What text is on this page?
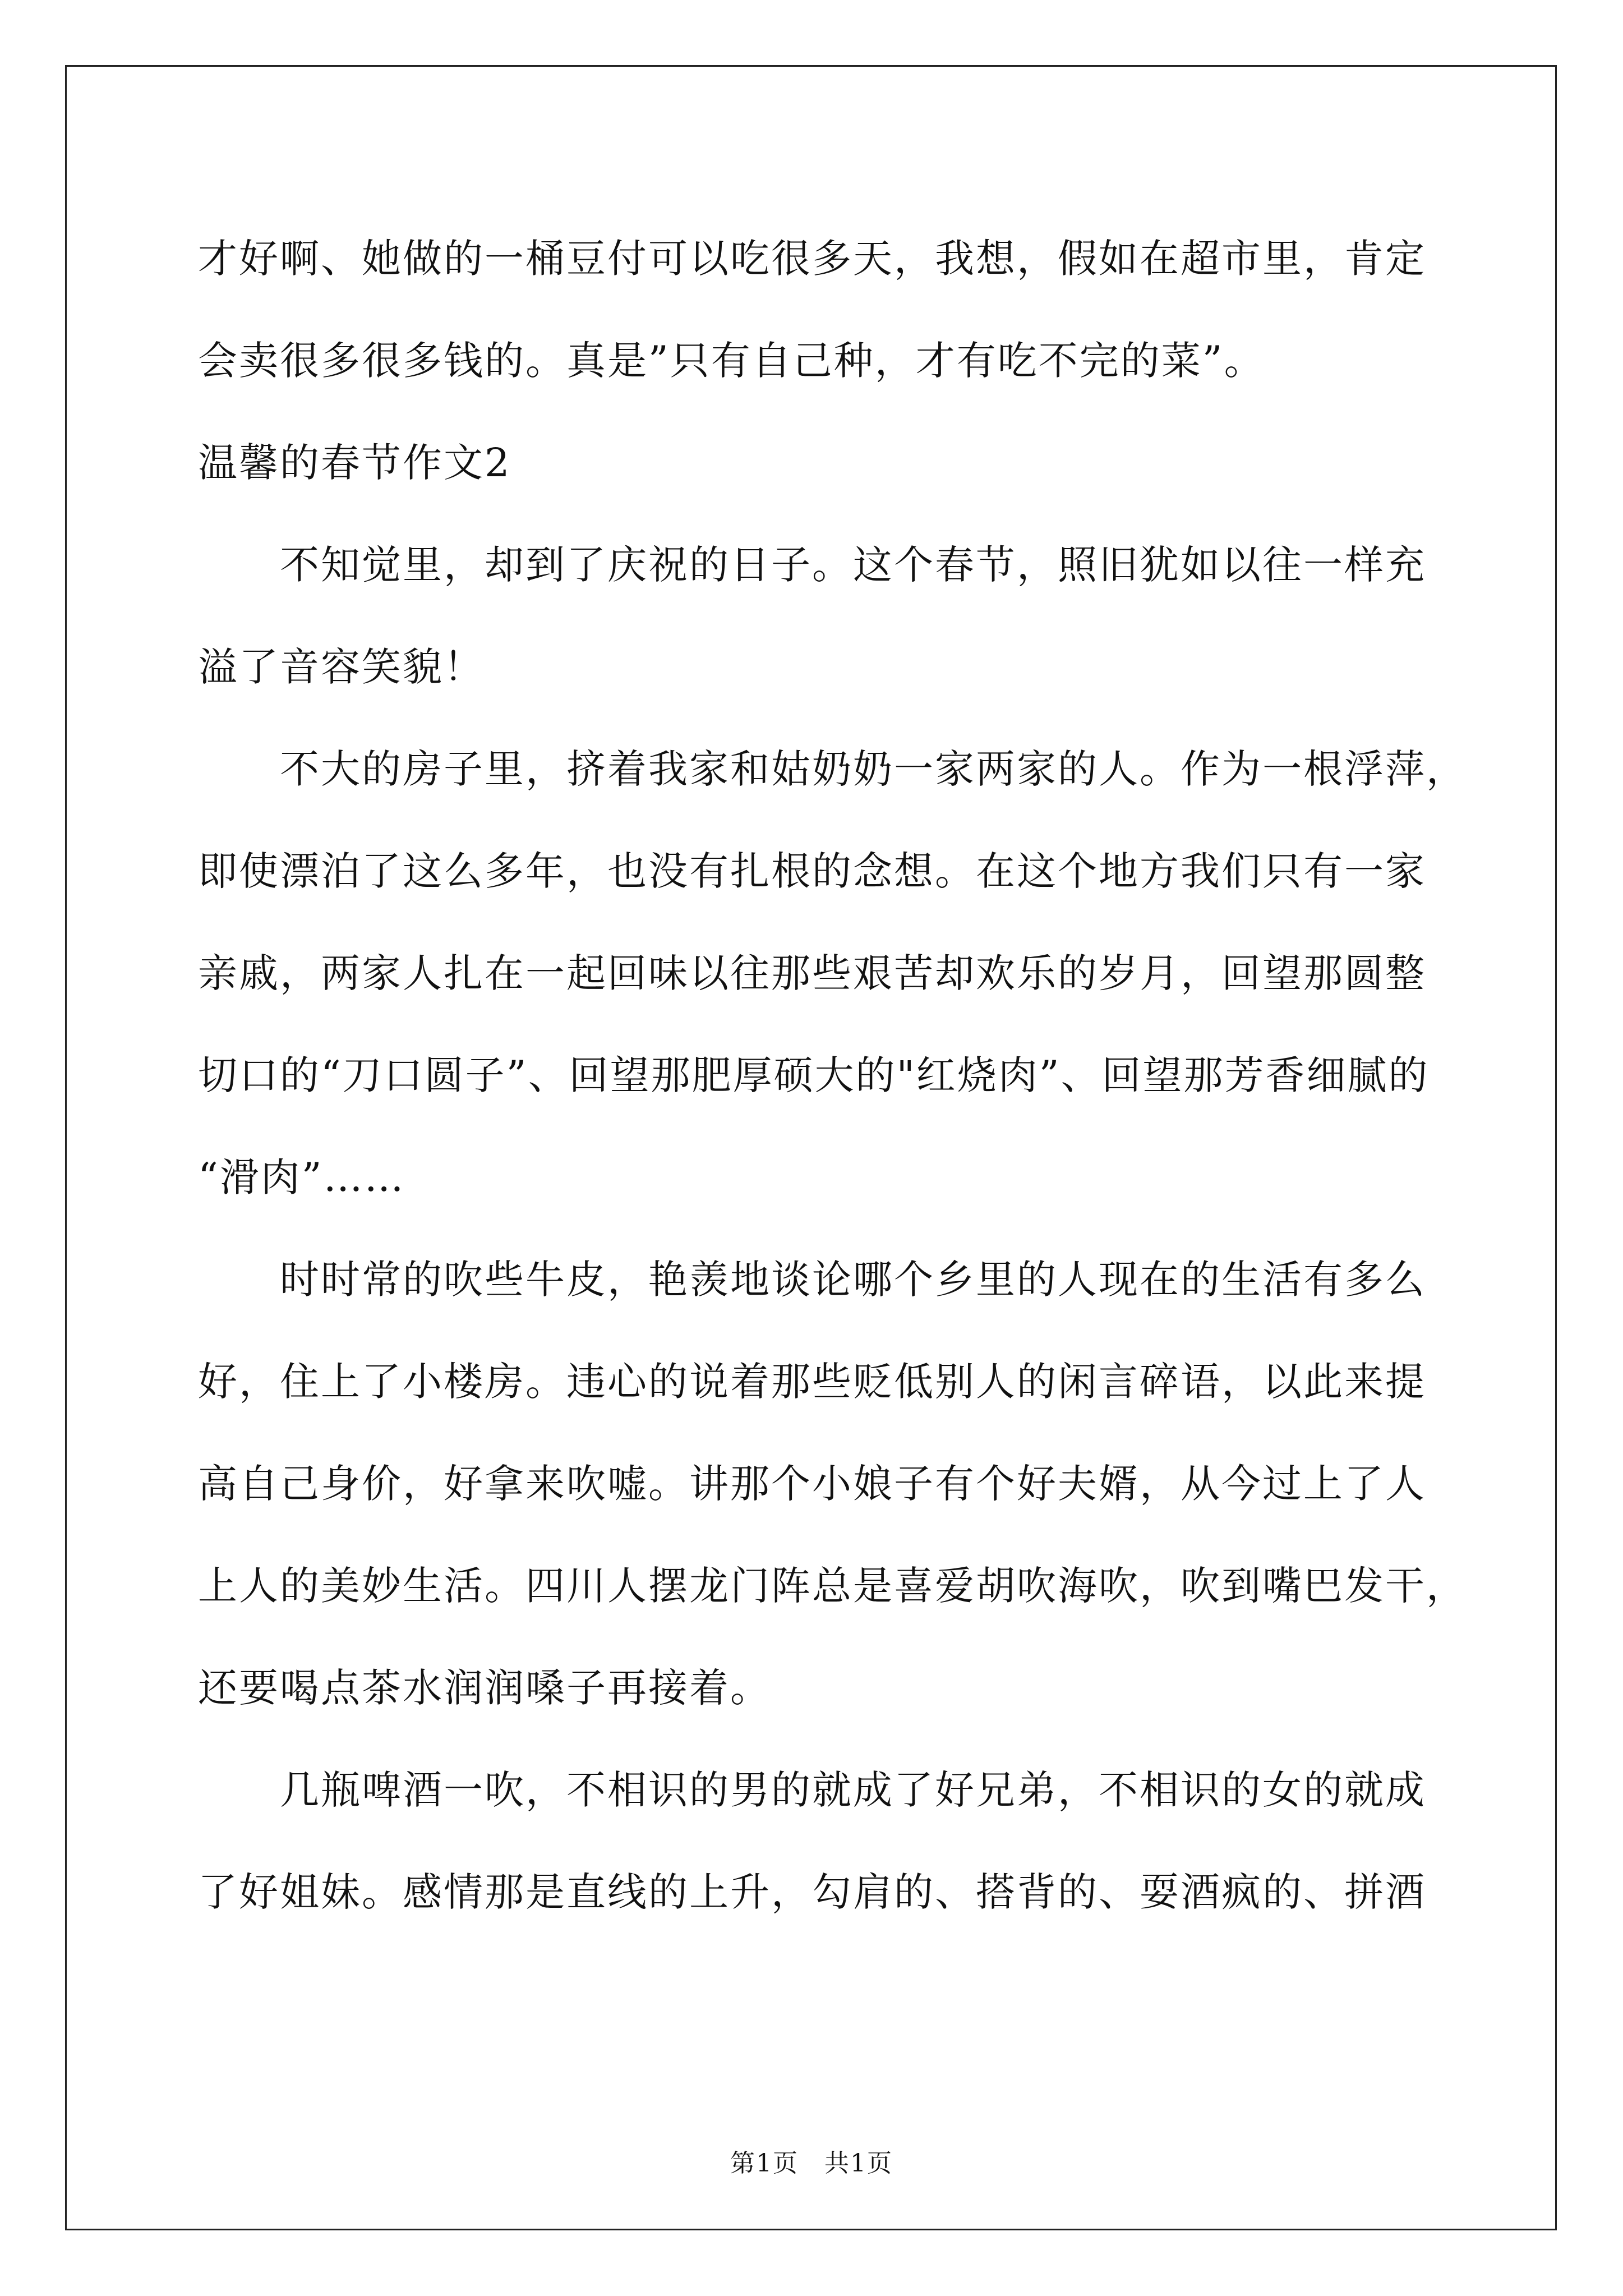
才好啊、她做的一桶豆付可以吃很多天，我想，假如在超市里，肯定
会卖很多很多钱的。真是”只有自己种，才有吃不完的菜”。
温馨的春节作文2
　　不知觉里，却到了庆祝的日子。这个春节，照旧犹如以往一样充
溢了音容笑貌！
　　不大的房子里，挤着我家和姑奶奶一家两家的人。作为一根浮萍，
即使漂泊了这么多年，也没有扎根的念想。在这个地方我们只有一家
亲戚，两家人扎在一起回味以往那些艰苦却欢乐的岁月，回望那圆整
切口的“刀口圆子”、回望那肥厚硕大的"红烧肉”、回望那芳香细腻的
“滑肉”……
　　时时常的吹些牛皮，艳羡地谈论哪个乡里的人现在的生活有多么
好，住上了小楼房。违心的说着那些贬低别人的闲言碎语，以此来提
高自己身价，好拿来吹嘘。讲那个小娘子有个好夫婿，从今过上了人
上人的美妙生活。四川人摆龙门阵总是喜爱胡吹海吹，吹到嘴巴发干，
还要喝点茶水润润嗓子再接着。
　　几瓶啤酒一吹，不相识的男的就成了好兄弟，不相识的女的就成
了好姐妹。感情那是直线的上升，勾肩的、搭背的、耍酒疯的、拼酒
第1页　共1页
